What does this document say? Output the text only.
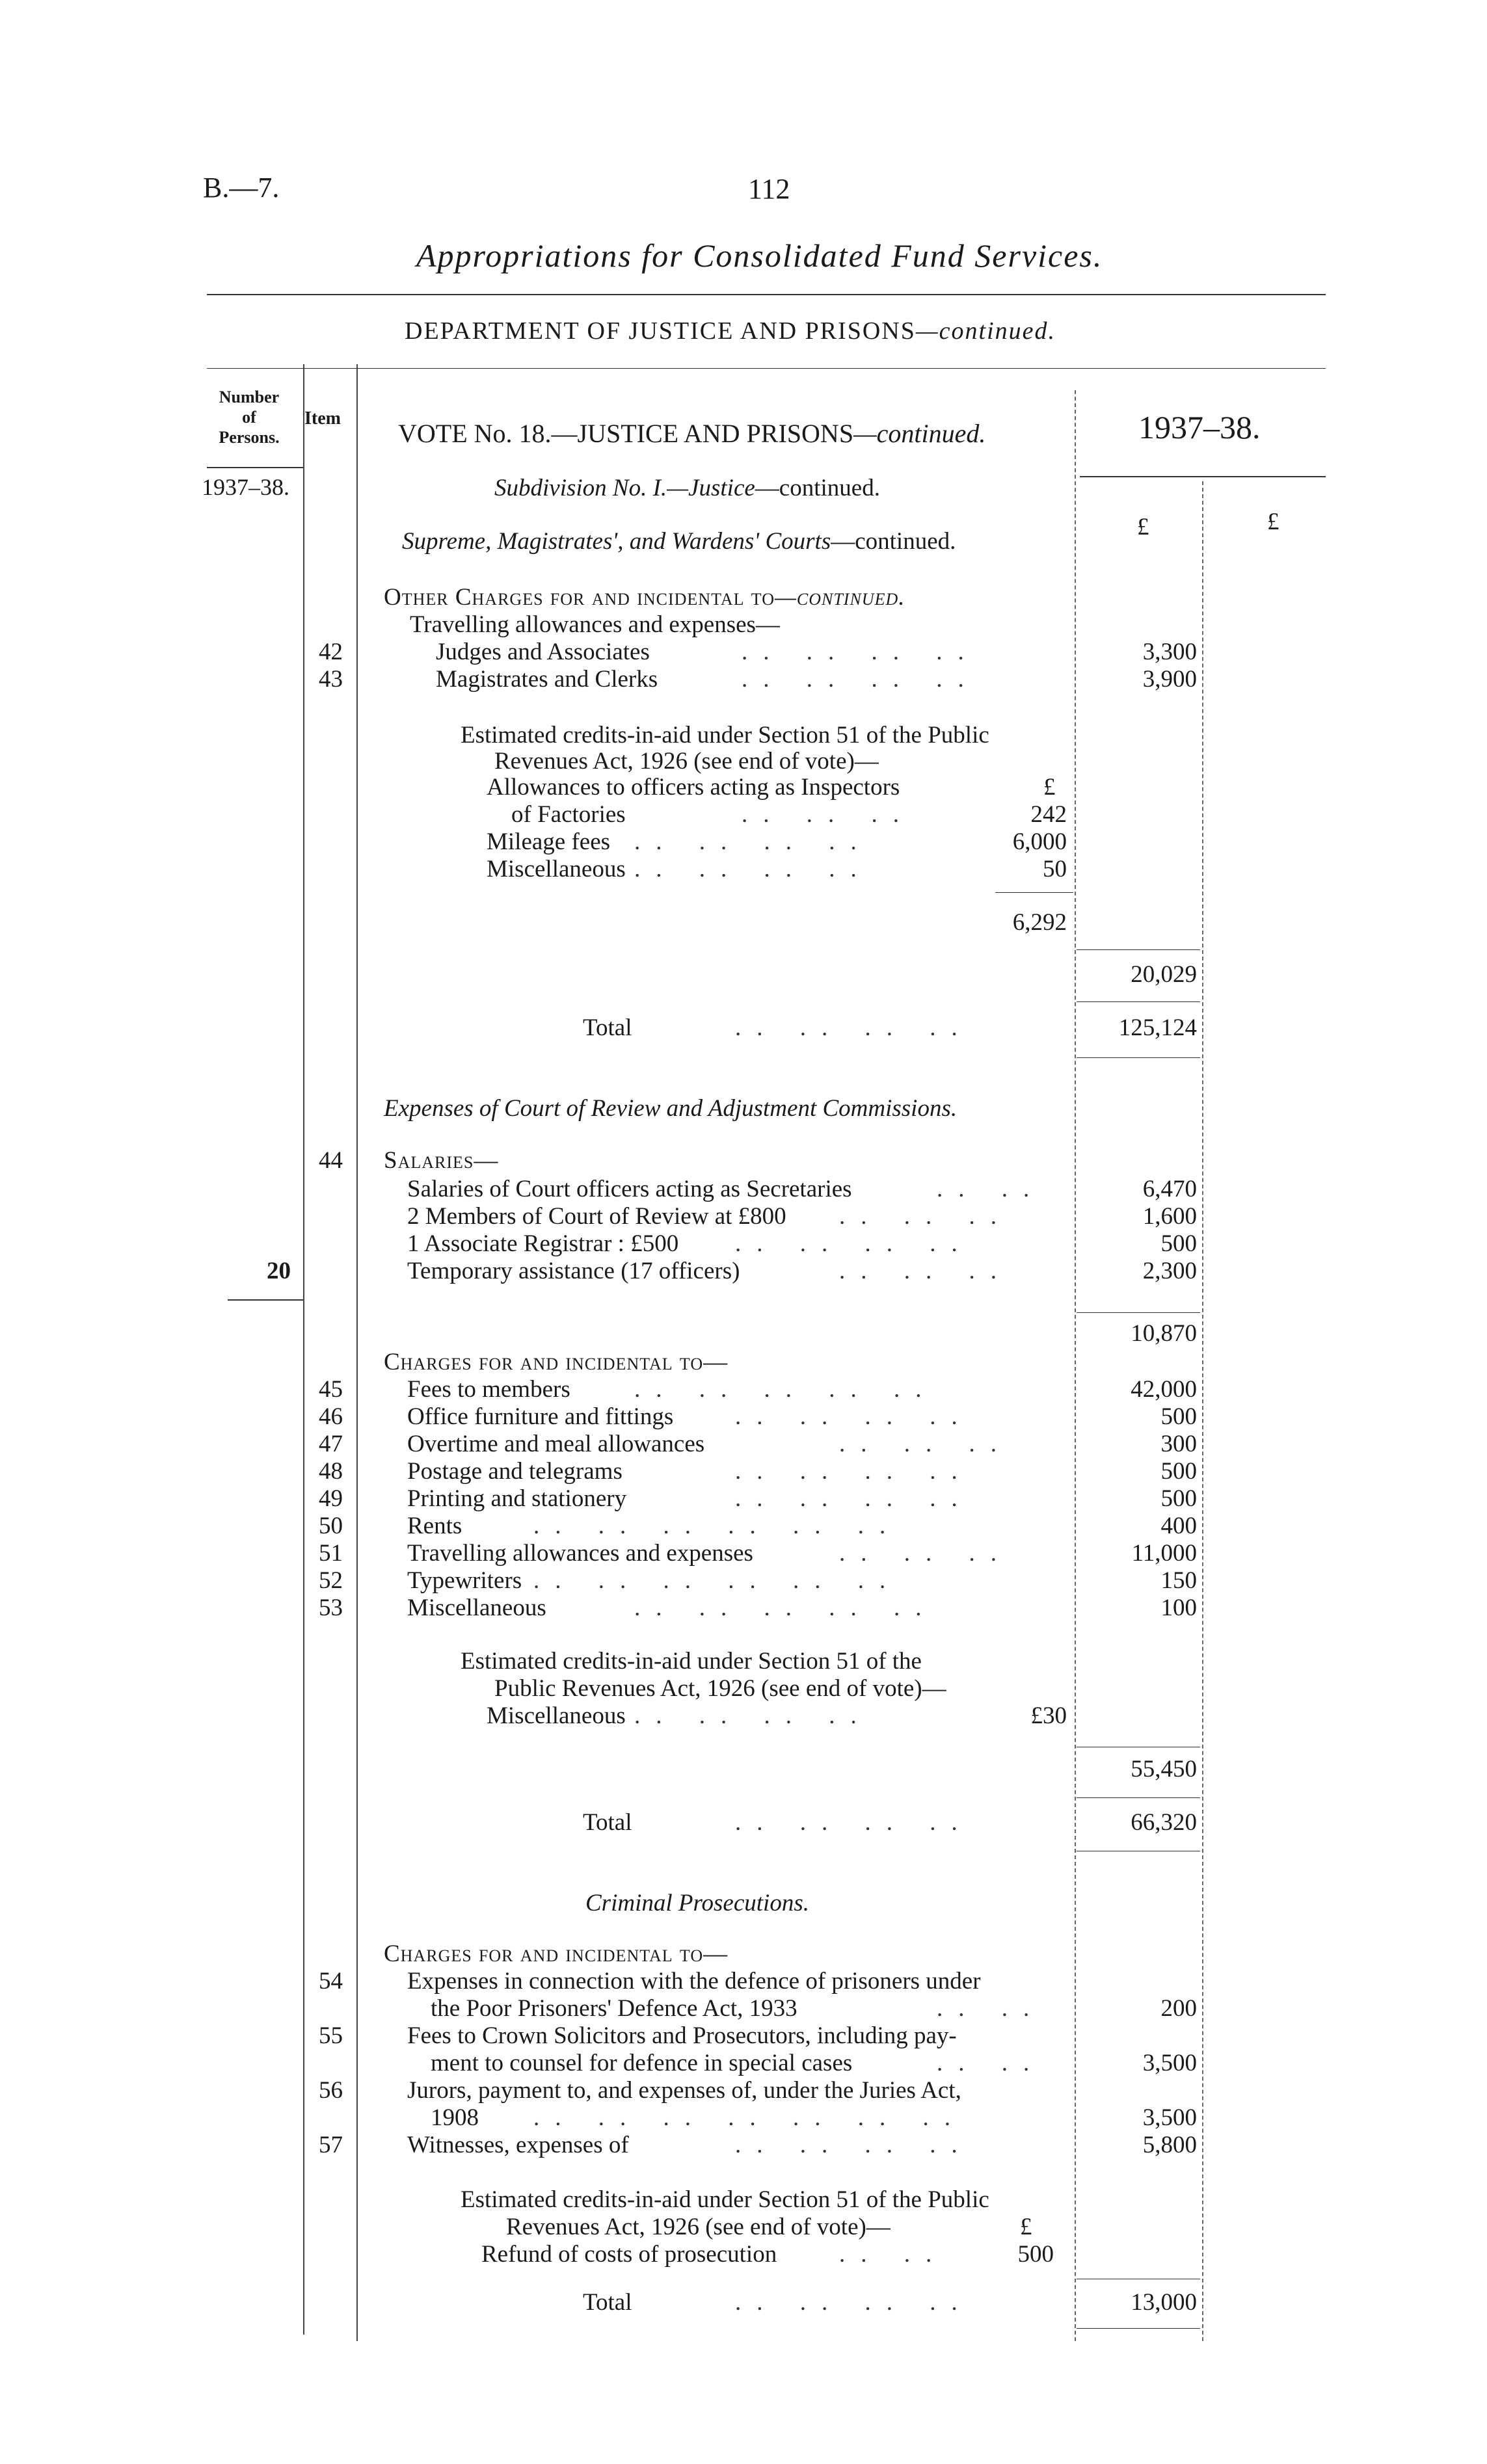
B.—7.	112
Appropriations for Consolidated Fund Services.
DEPARTMENT OF JUSTICE AND PRISONS—continued.
Number
of
Persons.
Item
VOTE No. 18.—JUSTICE AND PRISONS—continued.	1937–38.
1937–38.
£	£
Subdivision No. I.—Justice—continued.
Supreme, Magistrates', and Wardens' Courts—continued.
Other Charges for and incidental to—continued.
Travelling allowances and expenses—
42	Judges and Associates	.. .. .. ..	3,300
43	Magistrates and Clerks	.. .. .. ..	3,900
Estimated credits-in-aid under Section 51 of the Public
Revenues Act, 1926 (see end of vote)—
£
Allowances to officers acting as Inspectors
of Factories	.. .. ..	242
Mileage fees .. .. .. ..	6,000
Miscellaneous .. .. .. ..	50
6,292
20,029
Total	.. .. .. ..	125,124
Expenses of Court of Review and Adjustment Commissions.
44 Salaries—
Salaries of Court officers acting as Secretaries	.. ..	6,470
2 Members of Court of Review at £800 .. .. ..	1,600
1 Associate Registrar : £500 .. .. .. ..	500
20	Temporary assistance (17 officers)	.. .. ..	2,300
10,870
Charges for and incidental to—
45	Fees to members	.. .. .. .. ..	42,000
46	Office furniture and fittings	.. .. .. ..	500
47	Overtime and meal allowances	.. .. ..	300
48	Postage and telegrams	.. .. .. ..	500
49	Printing and stationery	.. .. .. ..	500
50	Rents	.. .. .. .. .. ..	400
51	Travelling allowances and expenses	.. .. ..	11,000
52	Typewriters .. .. .. .. .. ..	150
53	Miscellaneous	.. .. .. .. ..	100
Estimated credits-in-aid under Section 51 of the
Public Revenues Act, 1926 (see end of vote)—
Miscellaneous .. .. .. ..	£30
55,450
Total	.. .. .. ..	66,320
Criminal Prosecutions.
Charges for and incidental to—
54	Expenses in connection with the defence of prisoners under
the Poor Prisoners' Defence Act, 1933	.. ..	200
55	Fees to Crown Solicitors and Prosecutors, including pay-
ment to counsel for defence in special cases	.. ..	3,500
56	Jurors, payment to, and expenses of, under the Juries Act,
1908 .. .. .. .. .. .. ..	3,500
57	Witnesses, expenses of	.. .. .. ..	5,800
Estimated credits-in-aid under Section 51 of the Public
Revenues Act, 1926 (see end of vote)—	£
Refund of costs of prosecution	.. ..	500
Total	.. .. .. ..	13,000
